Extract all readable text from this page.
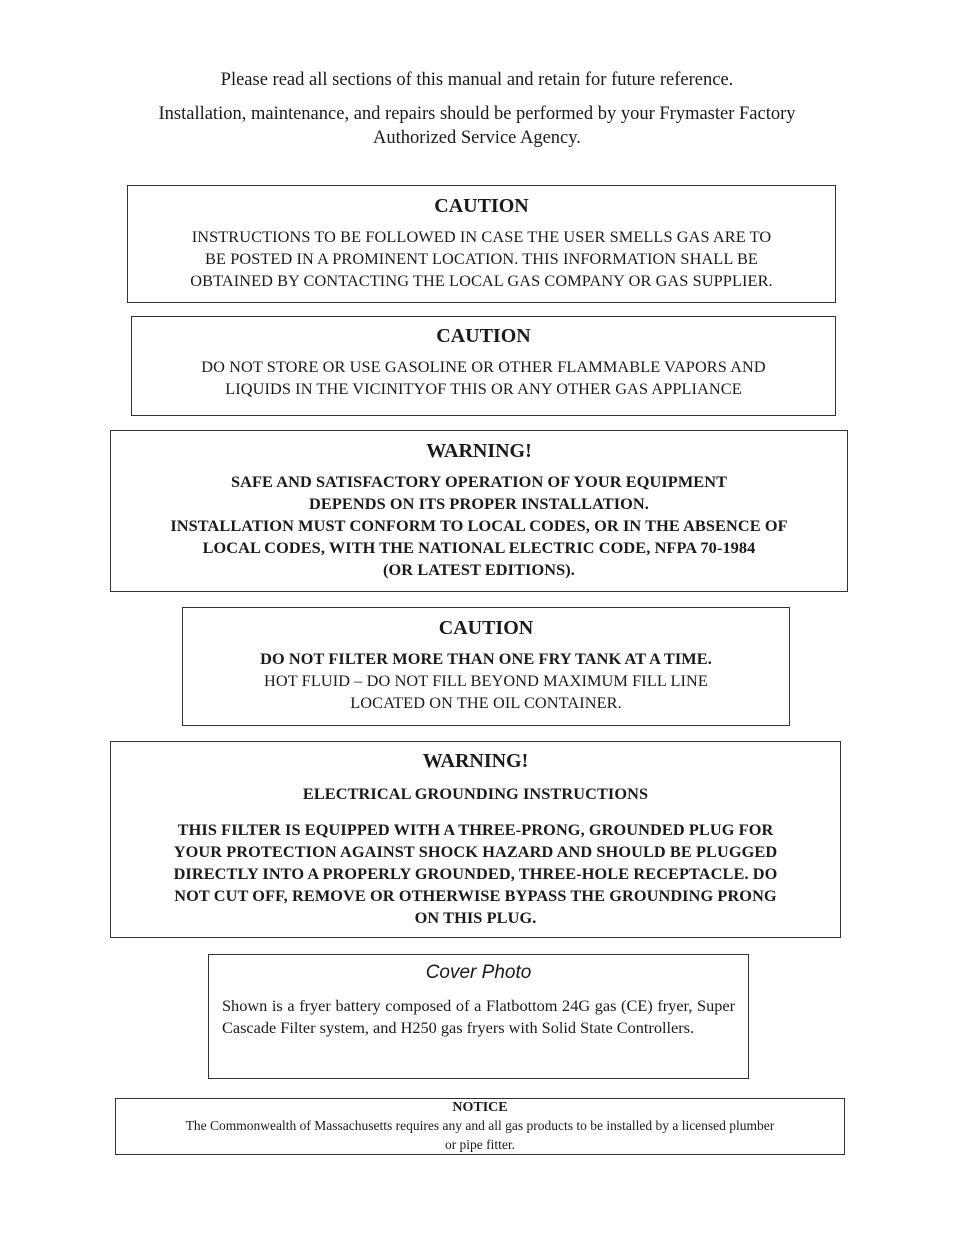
Please read all sections of this manual and retain for future reference.

Installation, maintenance, and repairs should be performed by your Frymaster Factory
Authorized Service Agency.

CAUTION

INSTRUCTIONS TO BE FOLLOWED IN CASE THE USER SMELLS GAS ARE TO
BE POSTED IN A PROMINENT LOCATION. THIS INFORMATION SHALL BE
OBTAINED BY CONTACTING THE LOCAL GAS COMPANY OR GAS SUPPLIER.

CAUTION

DO NOT STORE OR USE GASOLINE OR OTHER FLAMMABLE VAPORS AND
LIQUIDS IN THE VICINITYOF THIS OR ANY OTHER GAS APPLIANCE

WARNING!

SAFE AND SATISFACTORY OPERATION OF YOUR EQUIPMENT
DEPENDS ON ITS PROPER INSTALLATION.
INSTALLATION MUST CONFORM TO LOCAL CODES, OR IN THE ABSENCE OF
LOCAL CODES, WITH THE NATIONAL ELECTRIC CODE, NFPA 70-1984
(OR LATEST EDITIONS).

CAUTION

DO NOT FILTER MORE THAN ONE FRY TANK AT A TIME.
HOT FLUID – DO NOT FILL BEYOND MAXIMUM FILL LINE
LOCATED ON THE OIL CONTAINER.

WARNING!

ELECTRICAL GROUNDING INSTRUCTIONS

THIS FILTER IS EQUIPPED WITH A THREE-PRONG, GROUNDED PLUG FOR
YOUR PROTECTION AGAINST SHOCK HAZARD AND SHOULD BE PLUGGED
DIRECTLY INTO A PROPERLY GROUNDED, THREE-HOLE RECEPTACLE. DO
NOT CUT OFF, REMOVE OR OTHERWISE BYPASS THE GROUNDING PRONG
ON THIS PLUG.

Cover Photo

Shown is a fryer battery composed of a Flatbottom 24G gas (CE) fryer, Super Cascade Filter system, and H250 gas fryers with Solid State Controllers.

NOTICE

The Commonwealth of Massachusetts requires any and all gas products to be installed by a licensed plumber
or pipe fitter.
